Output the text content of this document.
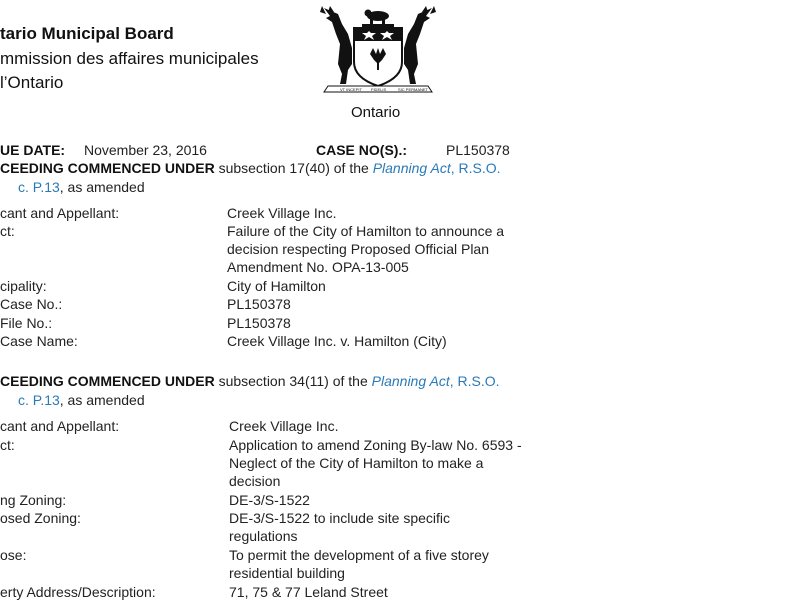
tario Municipal Board
mmission des affaires municipales
l’Ontario	VT INCEPIT FIDELIS	SIC PERMANET
Ontario
UE DATE: November 23, 2016	CASE NO(S).:	PL150378
CEEDING COMMENCED UNDER subsection 17(40) of the Planning Act, R.S.O.
c. P.13, as amended
cant and Appellant:	Creek Village Inc.
ct:	Failure of the City of Hamilton to announce a
decision respecting Proposed Official Plan
Amendment No. OPA-13-005
cipality:	City of Hamilton
Case No.:	PL150378
File No.:	PL150378
Case Name:	Creek Village Inc. v. Hamilton (City)
CEEDING COMMENCED UNDER subsection 34(11) of the Planning Act, R.S.O.
c. P.13, as amended
cant and Appellant:	Creek Village Inc.
ct:	Application to amend Zoning By-law No. 6593 -
Neglect of the City of Hamilton to make a
decision
ng Zoning:	DE-3/S-1522
osed Zoning:	DE-3/S-1522 to include site specific
regulations
ose:	To permit the development of a five storey
residential building
erty Address/Description:	71, 75 & 77 Leland Street
